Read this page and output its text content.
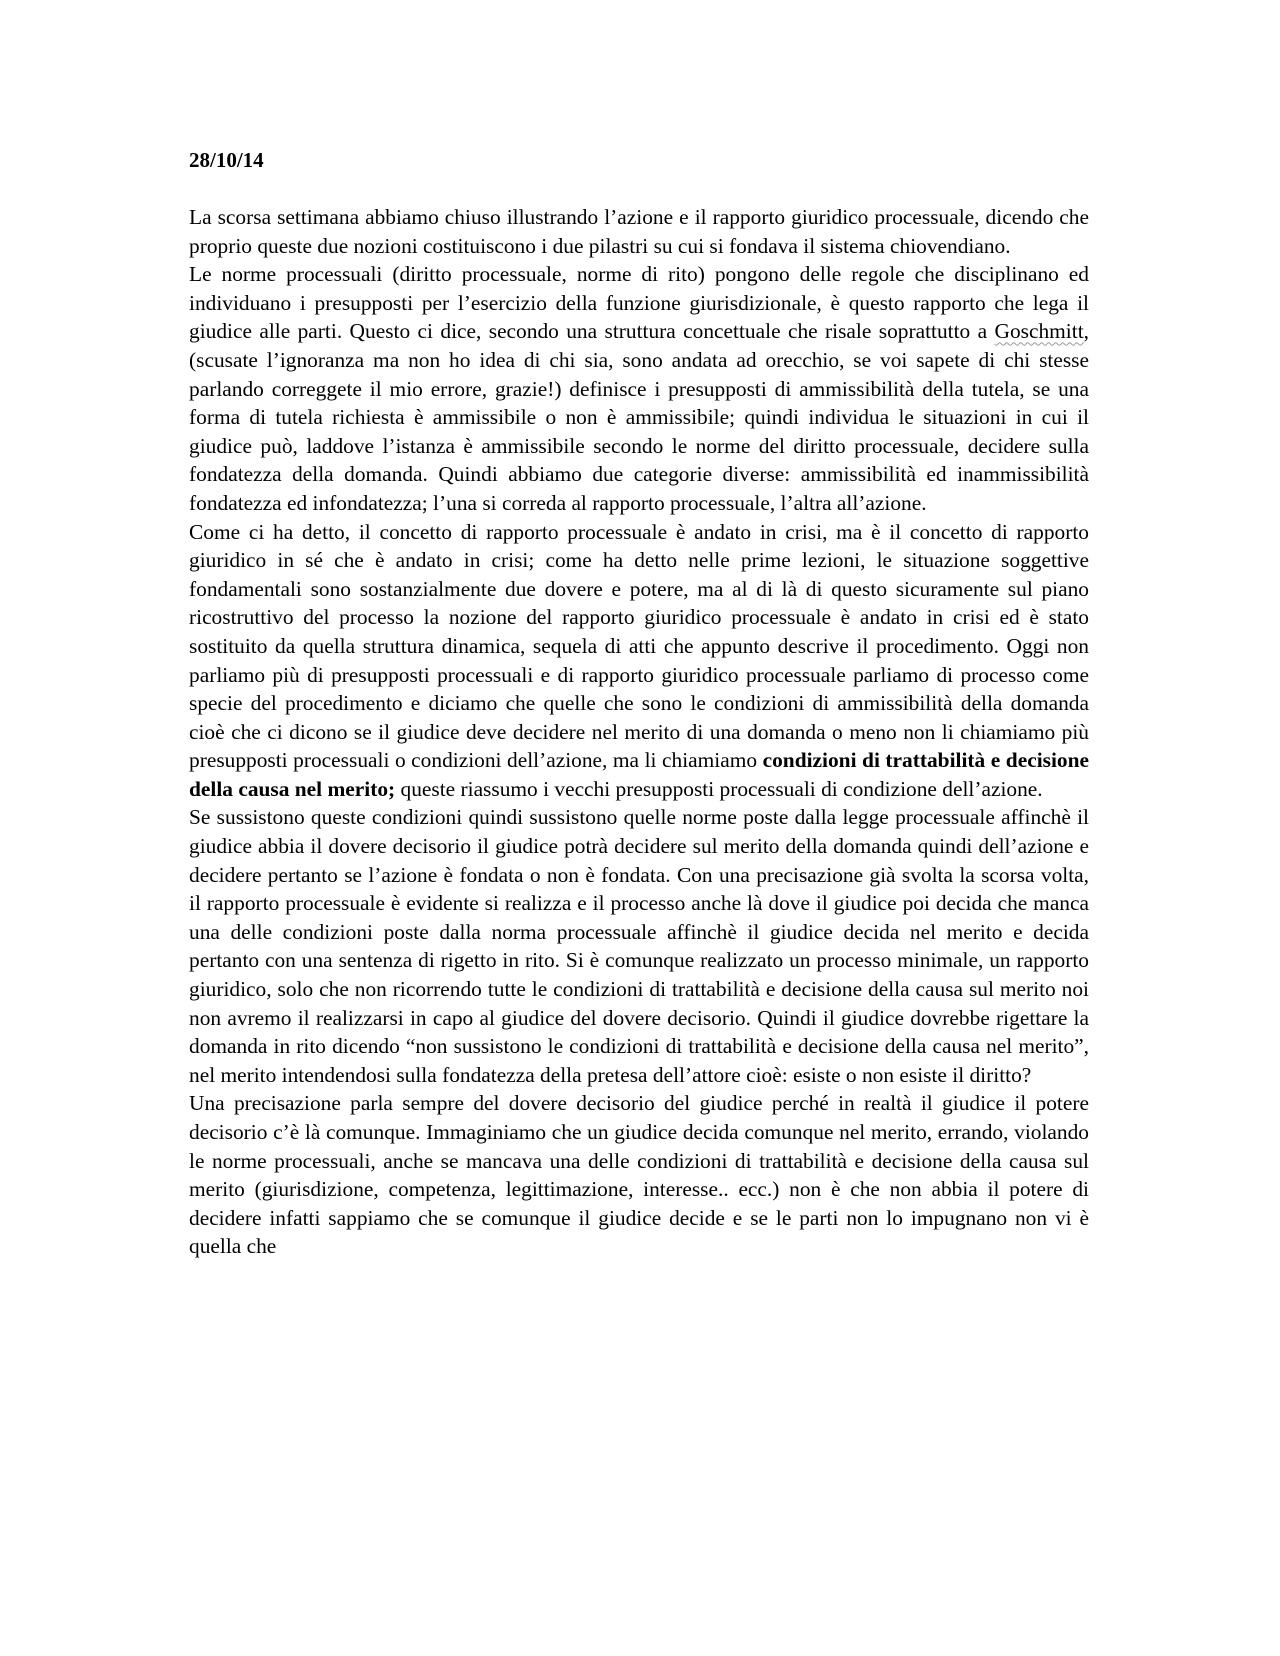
28/10/14

La scorsa settimana abbiamo chiuso illustrando l’azione e il rapporto giuridico processuale, dicendo che proprio queste due nozioni costituiscono i due pilastri su cui si fondava il sistema chiovendiano.

Le norme processuali (diritto processuale, norme di rito) pongono delle regole che disciplinano ed individuano i presupposti per l’esercizio della funzione giurisdizionale, è questo rapporto che lega il giudice alle parti. Questo ci dice, secondo una struttura concettuale che risale soprattutto a Goschmitt, (scusate l’ignoranza ma non ho idea di chi sia, sono andata ad orecchio, se voi sapete di chi stesse parlando correggete il mio errore, grazie!) definisce i presupposti di ammissibilità della tutela, se una forma di tutela richiesta è ammissibile o non è ammissibile; quindi individua le situazioni in cui il giudice può, laddove l’istanza è ammissibile secondo le norme del diritto processuale, decidere sulla fondatezza della domanda. Quindi abbiamo due categorie diverse: ammissibilità ed inammissibilità fondatezza ed infondatezza; l’una si correda al rapporto processuale, l’altra all’azione.

Come ci ha detto, il concetto di rapporto processuale è andato in crisi, ma è il concetto di rapporto giuridico in sé che è andato in crisi; come ha detto nelle prime lezioni, le situazione soggettive fondamentali sono sostanzialmente due dovere e potere, ma al di là di questo sicuramente sul piano ricostruttivo del processo la nozione del rapporto giuridico processuale è andato in crisi ed è stato sostituito da quella struttura dinamica, sequela di atti che appunto descrive il procedimento. Oggi non parliamo più di presupposti processuali e di rapporto giuridico processuale parliamo di processo come specie del procedimento e diciamo che quelle che sono le condizioni di ammissibilità della domanda cioè che ci dicono se il giudice deve decidere nel merito di una domanda o meno non li chiamiamo più presupposti processuali o condizioni dell’azione, ma li chiamiamo condizioni di trattabilità e decisione della causa nel merito; queste riassumo i vecchi presupposti processuali di condizione dell’azione.

Se sussistono queste condizioni quindi sussistono quelle norme poste dalla legge processuale affinchè il giudice abbia il dovere decisorio il giudice potrà decidere sul merito della domanda quindi dell’azione e decidere pertanto se l’azione è fondata o non è fondata. Con una precisazione già svolta la scorsa volta, il rapporto processuale è evidente si realizza e il processo anche là dove il giudice poi decida che manca una delle condizioni poste dalla norma processuale affinchè il giudice decida nel merito e decida pertanto con una sentenza di rigetto in rito. Si è comunque realizzato un processo minimale, un rapporto giuridico, solo che non ricorrendo tutte le condizioni di trattabilità e decisione della causa sul merito noi non avremo il realizzarsi in capo al giudice del dovere decisorio. Quindi il giudice dovrebbe rigettare la domanda in rito dicendo “non sussistono le condizioni di trattabilità e decisione della causa nel merito”, nel merito intendendosi sulla fondatezza della pretesa dell’attore cioè: esiste o non esiste il diritto?

Una precisazione parla sempre del dovere decisorio del giudice perché in realtà il giudice il potere decisorio c’è là comunque. Immaginiamo che un giudice decida comunque nel merito, errando, violando le norme processuali, anche se mancava una delle condizioni di trattabilità e decisione della causa sul merito (giurisdizione, competenza, legittimazione, interesse.. ecc.) non è che non abbia il potere di decidere infatti sappiamo che se comunque il giudice decide e se le parti non lo impugnano non vi è quella che
